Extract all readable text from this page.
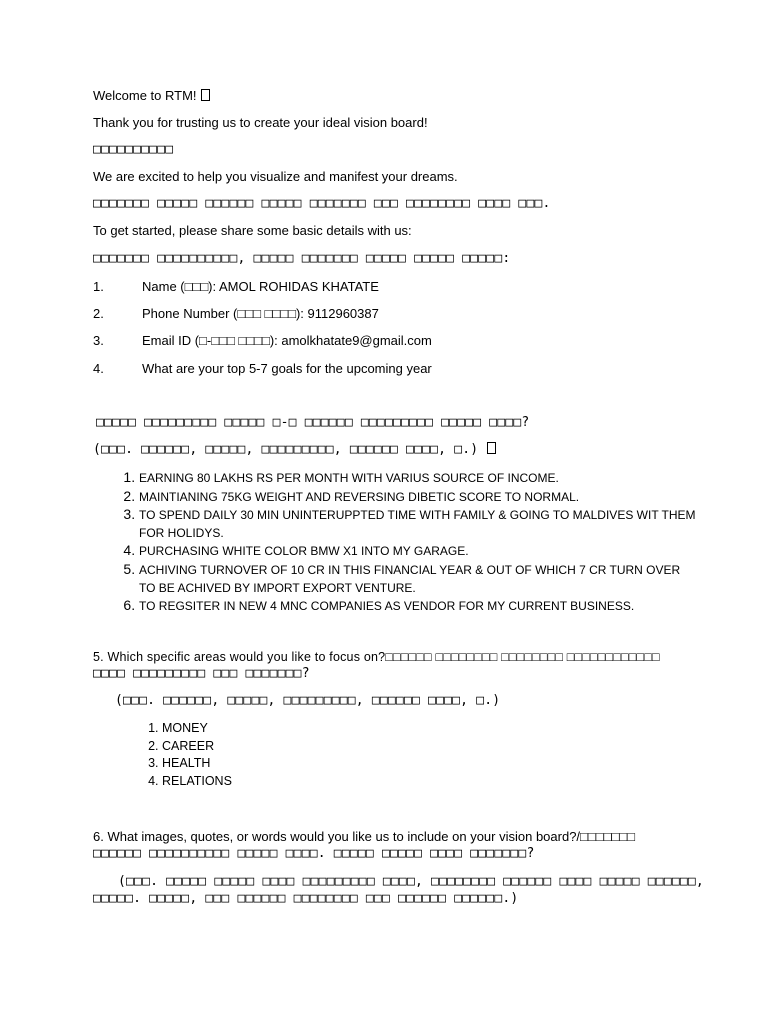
Welcome to RTM!
Thank you for trusting us to create your ideal vision board!
□□□□□□□□□□
We are excited to help you visualize and manifest your dreams.
□□□□□□□ □□□□□ □□□□□□ □□□□□ □□□□□□□ □□□ □□□□□□□□ □□□□ □□□.
To get started, please share some basic details with us:
□□□□□□□ □□□□□□□□□□, □□□□□ □□□□□□□ □□□□□ □□□□□ □□□□□:
1.	Name (□□□): AMOL ROHIDAS KHATATE
2.	Phone Number (□□□ □□□□): 9112960387
3.	Email ID (□-□□□ □□□□): amolkhatate9@gmail.com
4.	What are your top 5-7 goals for the upcoming year
□□□□□ □□□□□□□□□ □□□□□ □-□ □□□□□□ □□□□□□□□□ □□□□□ □□□□?
(□□□. □□□□□□, □□□□□, □□□□□□□□□, □□□□□□ □□□□, □.)
1. EARNING 80 LAKHS RS PER MONTH WITH VARIUS SOURCE OF INCOME.
2. MAINTIANING 75KG WEIGHT AND REVERSING DIBETIC SCORE TO NORMAL.
3. TO SPEND DAILY 30 MIN UNINTERUPPTED TIME WITH FAMILY & GOING TO MALDIVES WIT THEM FOR HOLIDYS.
4. PURCHASING WHITE COLOR BMW X1 INTO MY GARAGE.
5. ACHIVING TURNOVER OF 10 CR IN THIS FINANCIAL YEAR & OUT OF WHICH 7 CR TURN OVER TO BE ACHIVED BY IMPORT EXPORT VENTURE.
6. TO REGSITER IN NEW 4 MNC COMPANIES AS VENDOR FOR MY CURRENT BUSINESS.
5. Which specific areas would you like to focus on?□□□□□□ □□□□□□□□ □□□□□□□□ □□□□□□□□□□□□
□□□□ □□□□□□□□□ □□□ □□□□□□□?
(□□□. □□□□□□, □□□□□, □□□□□□□□□, □□□□□□ □□□□, □.)
1. MONEY
2. CAREER
3. HEALTH
4. RELATIONS
6. What images, quotes, or words would you like us to include on your vision board?/□□□□□□□
□□□□□□ □□□□□□□□□□ □□□□□ □□□□. □□□□□ □□□□□ □□□□ □□□□□□□?
(□□□. □□□□□ □□□□□ □□□□ □□□□□□□□□ □□□□, □□□□□□□□ □□□□□□ □□□□ □□□□□ □□□□□□,
□□□□□. □□□□□, □□□ □□□□□□ □□□□□□□□ □□□ □□□□□□ □□□□□□.)
